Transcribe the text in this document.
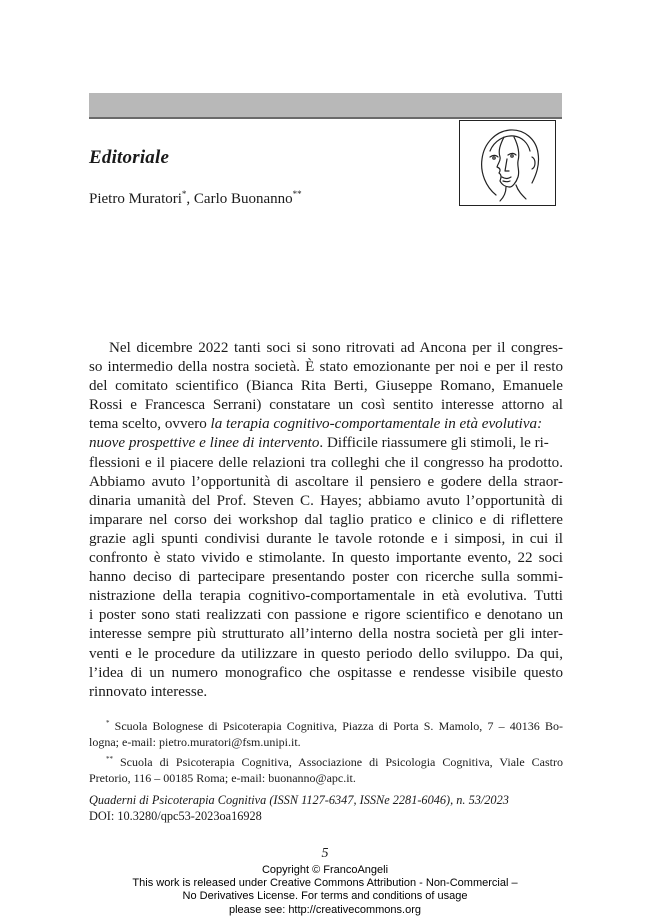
Editoriale
Pietro Muratori*, Carlo Buonanno**
Nel dicembre 2022 tanti soci si sono ritrovati ad Ancona per il congres-
so intermedio della nostra società. È stato emozionante per noi e per il resto
del comitato scientifico (Bianca Rita Berti, Giuseppe Romano, Emanuele
Rossi e Francesca Serrani) constatare un così sentito interesse attorno al
tema scelto, ovvero la terapia cognitivo-comportamentale in età evolutiva:
nuove prospettive e linee di intervento. Difficile riassumere gli stimoli, le ri-
flessioni e il piacere delle relazioni tra colleghi che il congresso ha prodotto.
Abbiamo avuto l’opportunità di ascoltare il pensiero e godere della straor-
dinaria umanità del Prof. Steven C. Hayes; abbiamo avuto l’opportunità di
imparare nel corso dei workshop dal taglio pratico e clinico e di riflettere
grazie agli spunti condivisi durante le tavole rotonde e i simposi, in cui il
confronto è stato vivido e stimolante. In questo importante evento, 22 soci
hanno deciso di partecipare presentando poster con ricerche sulla sommi-
nistrazione della terapia cognitivo-comportamentale in età evolutiva. Tutti
i poster sono stati realizzati con passione e rigore scientifico e denotano un
interesse sempre più strutturato all’interno della nostra società per gli inter-
venti e le procedure da utilizzare in questo periodo dello sviluppo. Da qui,
l’idea di un numero monografico che ospitasse e rendesse visibile questo
rinnovato interesse.
* Scuola Bolognese di Psicoterapia Cognitiva, Piazza di Porta S. Mamolo, 7 – 40136 Bo-
logna; e-mail: pietro.muratori@fsm.unipi.it.
** Scuola di Psicoterapia Cognitiva, Associazione di Psicologia Cognitiva, Viale Castro
Pretorio, 116 – 00185 Roma; e-mail: buonanno@apc.it.
Quaderni di Psicoterapia Cognitiva (ISSN 1127-6347, ISSNe 2281-6046), n. 53/2023
DOI: 10.3280/qpc53-2023oa16928
5
Copyright © FrancoAngeli
This work is released under Creative Commons Attribution - Non-Commercial –
No Derivatives License. For terms and conditions of usage
please see: http://creativecommons.org
